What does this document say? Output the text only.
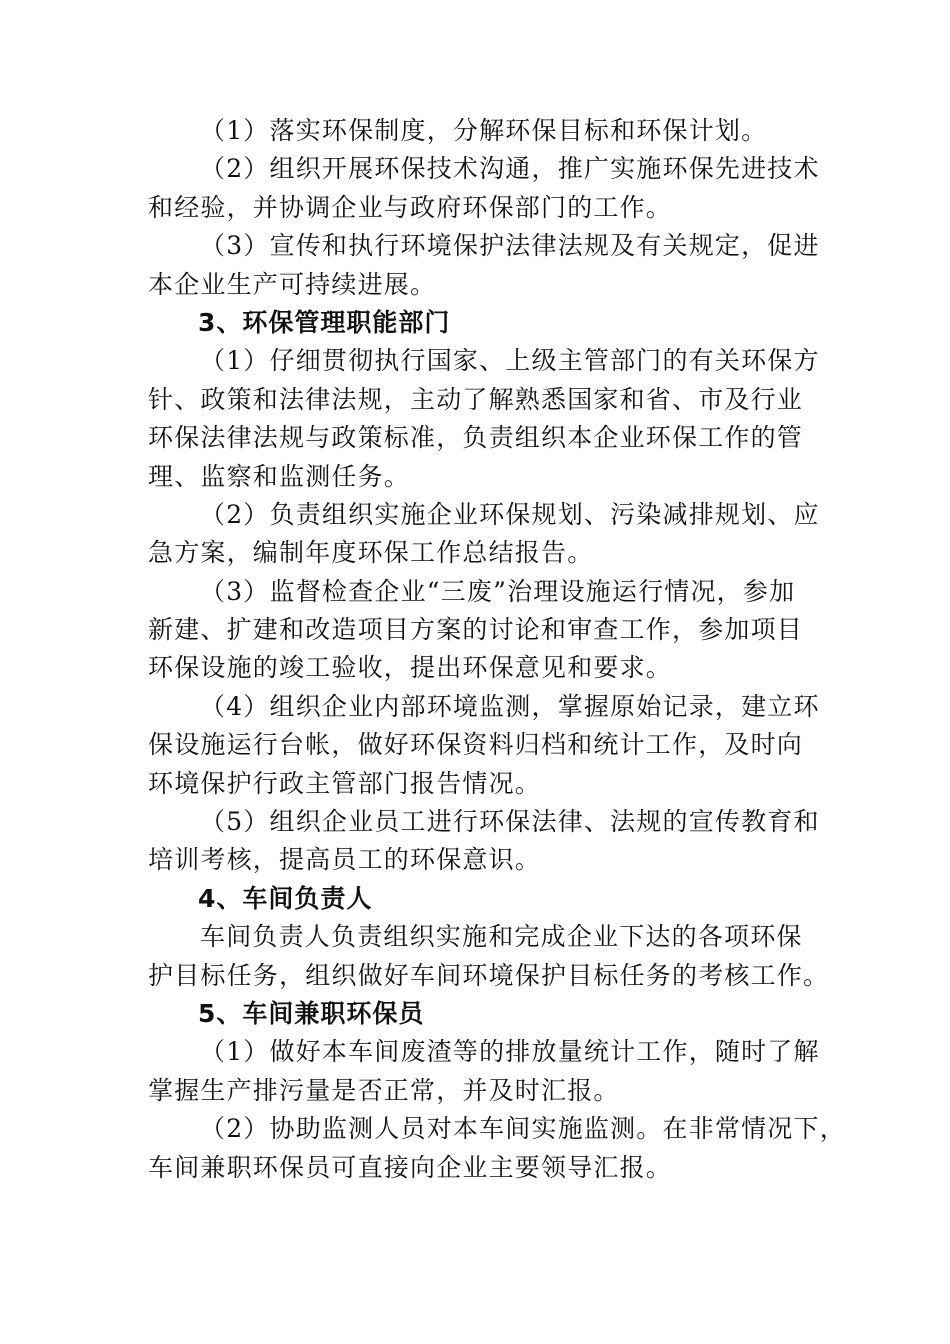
（1）落实环保制度，分解环保目标和环保计划。
（2）组织开展环保技术沟通，推广实施环保先进技术
和经验，并协调企业与政府环保部门的工作。
（3）宣传和执行环境保护法律法规及有关规定，促进
本企业生产可持续进展。
3、环保管理职能部门
（1）仔细贯彻执行国家、上级主管部门的有关环保方
针、政策和法律法规，主动了解熟悉国家和省、市及行业
环保法律法规与政策标准，负责组织本企业环保工作的管
理、监察和监测任务。
（2）负责组织实施企业环保规划、污染减排规划、应
急方案，编制年度环保工作总结报告。
（3）监督检查企业“三废”治理设施运行情况，参加
新建、扩建和改造项目方案的讨论和审查工作，参加项目
环保设施的竣工验收，提出环保意见和要求。
（4）组织企业内部环境监测，掌握原始记录，建立环
保设施运行台帐，做好环保资料归档和统计工作，及时向
环境保护行政主管部门报告情况。
（5）组织企业员工进行环保法律、法规的宣传教育和
培训考核，提高员工的环保意识。
4、车间负责人
车间负责人负责组织实施和完成企业下达的各项环保
护目标任务，组织做好车间环境保护目标任务的考核工作。
5、车间兼职环保员
（1）做好本车间废渣等的排放量统计工作，随时了解
掌握生产排污量是否正常，并及时汇报。
（2）协助监测人员对本车间实施监测。在非常情况下，
车间兼职环保员可直接向企业主要领导汇报。
